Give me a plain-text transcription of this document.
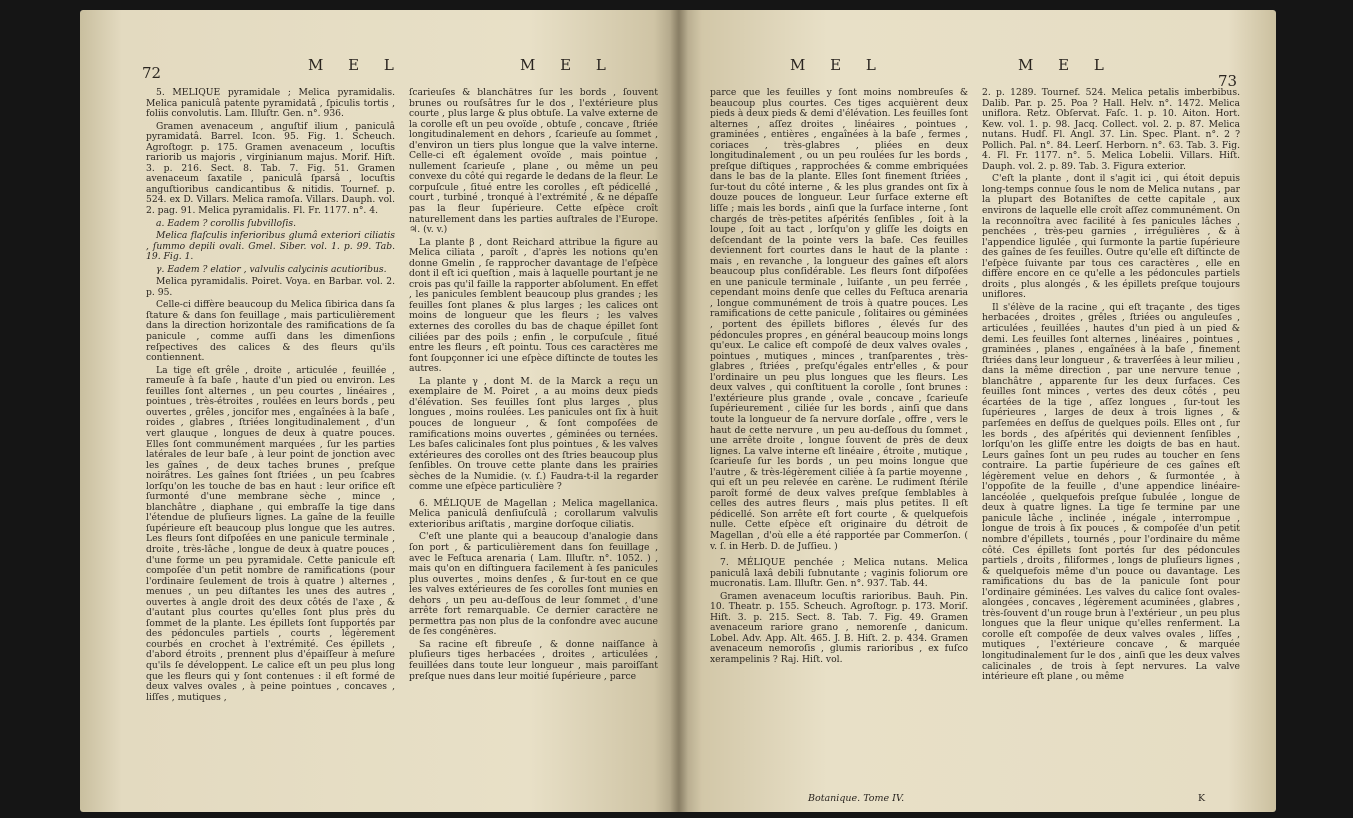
72	M E L	M E L

5. MÉLIQUE pyramidale ; Melica pyramidalis. Melica paniculâ patente pyramidatâ , ſpiculis tortis , foliis convolutis. Lam. Illuſtr. Gen. n°. 936.

Gramen avenaceum , anguſtif ilium , paniculâ pyramidatâ. Barrel. Icon. 95. Fig. 1. Scheuch. Agroſtogr. p. 175. Gramen avenaceum , locuſtis rariorib us majoris , virginianum majus. Morif. Hiſt. 3. p. 216. Sect. 8. Tab. 7. Fig. 51. Gramen avenaceum ſaxatile , paniculâ ſparsâ , locuſtis anguſtioribus candicantibus & nitidis. Tournef. p. 524. ex D. Villars. Melica ramoſa. Villars. Dauph. vol. 2. pag. 91. Melica pyramidalis. Fl. Fr. 1177. n°. 4.

a. Eadem ? corollis ſubvilloſis.

Melica flaſculis inferioribus glumâ exteriori ciliatis , ſummo depili ovali. Gmel. Siber. vol. 1. p. 99. Tab. 19. Fig. 1.

γ. Eadem ? elatior , valvulis calycinis acutioribus.

Melica pyramidalis. Poiret. Voya. en Barbar. vol. 2. p. 95.

Celle-ci diffère beaucoup du Melica ſibirica dans ſa ſtature & dans ſon feuillage , mais particulièrement dans la direction horizontale des ramifications de ſa panicule , comme auſſi dans les dimenſions reſpectives des calices & des fleurs qu'ils contiennent.

La tige eſt grêle , droite , articulée , feuillée , rameuſe à ſa baſe , haute d'un pied ou environ. Les feuilles ſont alternes , un peu courtes , linéaires , pointues , très-étroites , roulées en leurs bords , peu ouvertes , grêles , joncifor mes , engaînées à la baſe , roides , glabres , ſtriées longitudinalement , d'un vert glauque , longues de deux à quatre pouces. Elles ſont communément marquées , ſur les parties latérales de leur baſe , à leur point de jonction avec les gaînes , de deux taches brunes , preſque noirâtres. Les gaînes ſont ſtriées , un peu ſcabres lorſqu'on les touche de bas en haut : leur orifice eſt ſurmonté d'une membrane sèche , mince , blanchâtre , diaphane , qui embraſſe la tige dans l'étendue de pluſieurs lignes. La gaîne de la feuille ſupérieure eſt beaucoup plus longue que les autres. Les fleurs ſont diſpoſées en une panicule terminale , droite , très-lâche , longue de deux à quatre pouces , d'une forme un peu pyramidale. Cette panicule eſt compoſée d'un petit nombre de ramifications (pour l'ordinaire ſeulement de trois à quatre ) alternes , menues , un peu diſtantes les unes des autres , ouvertes à angle droit des deux côtés de l'axe , & d'autant plus courtes qu'elles ſont plus près du ſommet de la plante. Les épillets ſont ſupportés par des pédoncules partiels , courts , légèrement courbés en crochet à l'extrémité. Ces épillets , d'abord étroits , prennent plus d'épaiſſeur à meſure qu'ils ſe développent. Le calice eſt un peu plus long que les fleurs qui y ſont contenues : il eſt formé de deux valves ovales , à peine pointues , concaves , liſſes , mutiques ,

ſcarieuſes & blanchâtres ſur les bords , ſouvent brunes ou rouſsâtres ſur le dos , l'extérieure plus courte , plus large & plus obtuſe. La valve externe de la corolle eſt un peu ovoïde , obtuſe , concave , ſtriée longitudinalement en dehors , ſcarieuſe au ſommet , d'environ un tiers plus longue que la valve interne. Celle-ci eſt également ovoïde , mais pointue , nullement ſcarieuſe , plane , ou même un peu convexe du côté qui regarde le dedans de la fleur. Le corpuſcule , ſitué entre les corolles , eſt pédicellé , court , turbiné , tronqué à l'extrémité , & ne dépaſſe pas la fleur ſupérieure. Cette eſpèce croît naturellement dans les parties auſtrales de l'Europe. ♃. (v. v.)

La plante β , dont Reichard attribue la figure au Melica ciliata , paroît , d'après les notions qu'en donne Gmelin , ſe rapprocher davantage de l'eſpèce dont il eſt ici queſtion , mais à laquelle pourtant je ne crois pas qu'il faille la rapporter abſolument. En effet , les panicules ſemblent beaucoup plus grandes ; les feuilles ſont planes & plus larges ; les calices ont moins de longueur que les fleurs ; les valves externes des corolles du bas de chaque épillet ſont ciliées par des poils ; enfin , le corpuſcule , ſitué entre les fleurs , eſt pointu. Tous ces caractères me font ſoupçonner ici une eſpèce diſtincte de toutes les autres.

La plante γ , dont M. de la Marck a reçu un exemplaire de M. Poiret , a au moins deux pieds d'élévation. Ses feuilles ſont plus larges , plus longues , moins roulées. Les panicules ont ſix à huit pouces de longueur , & ſont compoſées de ramifications moins ouvertes , géminées ou ternées. Les baſes calicinales ſont plus pointues , & les valves extérieures des corolles ont des ſtries beaucoup plus ſenſibles. On trouve cette plante dans les prairies sèches de la Numidie. (v. ſ.) Faudra-t-il la regarder comme une eſpèce particulière ?

6. MÉLIQUE de Magellan ; Melica magellanica. Melica paniculâ denſiuſculâ ; corollarum valvulis exterioribus ariſtatis , margine dorſoque ciliatis.

C'eſt une plante qui a beaucoup d'analogie dans ſon port , & particulièrement dans ſon feuillage , avec le Feſtuca arenaria ( Lam. Illuſtr. n°. 1052. ) , mais qu'on en diſtinguera facilement à ſes panicules plus ouvertes , moins denſes , & ſur-tout en ce que les valves extérieures de ſes corolles ſont munies en dehors , un peu au-deſſous de leur ſommet , d'une arrête fort remarquable. Ce dernier caractère ne permettra pas non plus de la confondre avec aucune de ſes congénères.

Sa racine eſt fibreuſe , & donne naiſſance à pluſieurs tiges herbacées , droites , articulées , feuillées dans toute leur longueur , mais paroiſſant preſque nues dans leur moitié ſupérieure , parce

M E L	M E L
73

parce que les feuilles y ſont moins nombreuſes & beaucoup plus courtes. Ces tiges acquièrent deux pieds à deux pieds & demi d'élévation. Les feuilles ſont alternes , aſſez droites , linéaires , pointues , graminées , entières , engaînées à la baſe , fermes , coriaces , très-glabres , pliées en deux longitudinalement , ou un peu roulées ſur les bords , preſque diſtiques , rapprochées & comme embriquées dans le bas de la plante. Elles ſont finement ſtriées , ſur-tout du côté interne , & les plus grandes ont ſix à douze pouces de longueur. Leur ſurface externe eſt liſſe ; mais les bords , ainſi que la ſurface interne , ſont chargés de très-petites aſpérités ſenſibles , ſoit à la loupe , ſoit au tact , lorſqu'on y gliſſe les doigts en deſcendant de la pointe vers la baſe. Ces feuilles deviennent fort courtes dans le haut de la plante : mais , en revanche , la longueur des gaînes eſt alors beaucoup plus conſidérable. Les fleurs ſont diſpoſées en une panicule terminale , luiſante , un peu ferrée , cependant moins denſe que celles du Feſtuca arenaria , longue communément de trois à quatre pouces. Les ramifications de cette panicule , ſolitaires ou géminées , portent des épillets biflores , élevés ſur des pédoncules propres , en général beaucoup moins longs qu'eux. Le calice eſt compoſé de deux valves ovales , pointues , mutiques , minces , tranſparentes , très-glabres , ſtriées , preſqu'égales entr'elles , & pour l'ordinaire un peu plus longues que les fleurs. Les deux valves , qui conſtituent la corolle , ſont brunes : l'extérieure plus grande , ovale , concave , ſcarieuſe ſupérieurement , ciliée ſur les bords , ainſi que dans toute la longueur de ſa nervure dorſale , offre , vers le haut de cette nervure , un peu au-deſſous du ſommet , une arrête droite , longue ſouvent de près de deux lignes. La valve interne eſt linéaire , étroite , mutique , ſcarieuſe ſur les bords , un peu moins longue que l'autre , & très-légèrement ciliée à ſa partie moyenne , qui eſt un peu relevée en carène. Le rudiment ſtérile paroît formé de deux valves preſque ſemblables à celles des autres fleurs , mais plus petites. Il eſt pédicellé. Son arrête eſt fort courte , & quelquefois nulle. Cette eſpèce eſt originaire du détroit de Magellan , d'où elle a été rapportée par Commerſon. ( v. ſ. in Herb. D. de Juſſieu. )

7. MÉLIQUE penchée ; Melica nutans. Melica paniculâ laxâ debili ſubnutante ; vaginis foliorum ore mucronatis. Lam. Illuſtr. Gen. n°. 937. Tab. 44.

Gramen avenaceum locuſtis rarioribus. Bauh. Pin. 10. Theatr. p. 155. Scheuch. Agroſtogr. p. 173. Moriſ. Hiſt. 3. p. 215. Sect. 8. Tab. 7. Fig. 49. Gramen avenaceum rariore grano , nemorenſe , danicum. Lobel. Adv. App. Alt. 465. J. B. Hiſt. 2. p. 434. Gramen avenaceum nemoroſis , glumis rarioribus , ex fuſco xerampelinis ? Raj. Hiſt. vol.

2. p. 1289. Tournef. 524. Melica petalis imberbibus. Dalib. Par. p. 25. Poa ? Hall. Helv. n°. 1472. Melica uniflora. Retz. Obſervat. Faſc. 1. p. 10. Aiton. Hort. Kew. vol. 1. p. 98. Jacq. Collect. vol. 2. p. 87. Melica nutans. Hudſ. Fl. Angl. 37. Lin. Spec. Plant. n°. 2 ? Pollich. Pal. n°. 84. Leerſ. Herborn. n°. 63. Tab. 3. Fig. 4. Fl. Fr. 1177. n°. 5. Melica Lobelii. Villars. Hiſt. Dauph. vol. 2. p. 89. Tab. 3. Figura exterior.

C'eſt la plante , dont il s'agit ici , qui étoit depuis long-temps connue ſous le nom de Melica nutans , par la plupart des Botaniſtes de cette capitale , aux environs de laquelle elle croît aſſez communément. On la reconnoîtra avec facilité à ſes panicules lâches , penchées , très-peu garnies , irrégulières , & à l'appendice ligulée , qui ſurmonte la partie ſupérieure des gaînes de ſes feuilles. Outre qu'elle eſt diſtincte de l'eſpèce ſuivante par tous ces caractères , elle en diffère encore en ce qu'elle a les pédoncules partiels droits , plus alongés , & les épillets preſque toujours uniflores.

Il s'élève de la racine , qui eſt traçante , des tiges herbacées , droites , grêles , ſtriées ou anguleuſes , articulées , feuillées , hautes d'un pied à un pied & demi. Les feuilles ſont alternes , linéaires , pointues , graminées , planes , engaînées à la baſe , finement ſtriées dans leur longueur , & traverſées à leur milieu , dans la même direction , par une nervure tenue , blanchâtre , apparente ſur les deux ſurfaces. Ces feuilles ſont minces , vertes des deux côtés , peu écartées de la tige , aſſez longues , ſur-tout les ſupérieures , larges de deux à trois lignes , & parſemées en deſſus de quelques poils. Elles ont , ſur les bords , des aſpérités qui deviennent ſenſibles , lorſqu'on les gliſſe entre les doigts de bas en haut. Leurs gaînes ſont un peu rudes au toucher en ſens contraire. La partie ſupérieure de ces gaînes eſt légèrement velue en dehors , & ſurmontée , à l'oppoſite de la feuille , d'une appendice linéaire-lancéolée , quelquefois preſque ſubulée , longue de deux à quatre lignes. La tige ſe termine par une panicule lâche , inclinée , inégale , interrompue , longue de trois à ſix pouces , & compoſée d'un petit nombre d'épillets , tournés , pour l'ordinaire du même côté. Ces épillets ſont portés ſur des pédoncules partiels , droits , filiformes , longs de pluſieurs lignes , & quelquefois même d'un pouce ou davantage. Les ramifications du bas de la panicule ſont pour l'ordinaire géminées. Les valves du calice ſont ovales-alongées , concaves , légèrement acuminées , glabres , très-ſouvent d'un rouge brun à l'extérieur , un peu plus longues que la fleur unique qu'elles renferment. La corolle eſt compoſée de deux valves ovales , liſſes , mutiques , l'extérieure concave , & marquée longitudinalement ſur le dos , ainſi que les deux valves calicinales , de trois à ſept nervures. La valve intérieure eſt plane , ou même

Botanique. Tome IV.	K
